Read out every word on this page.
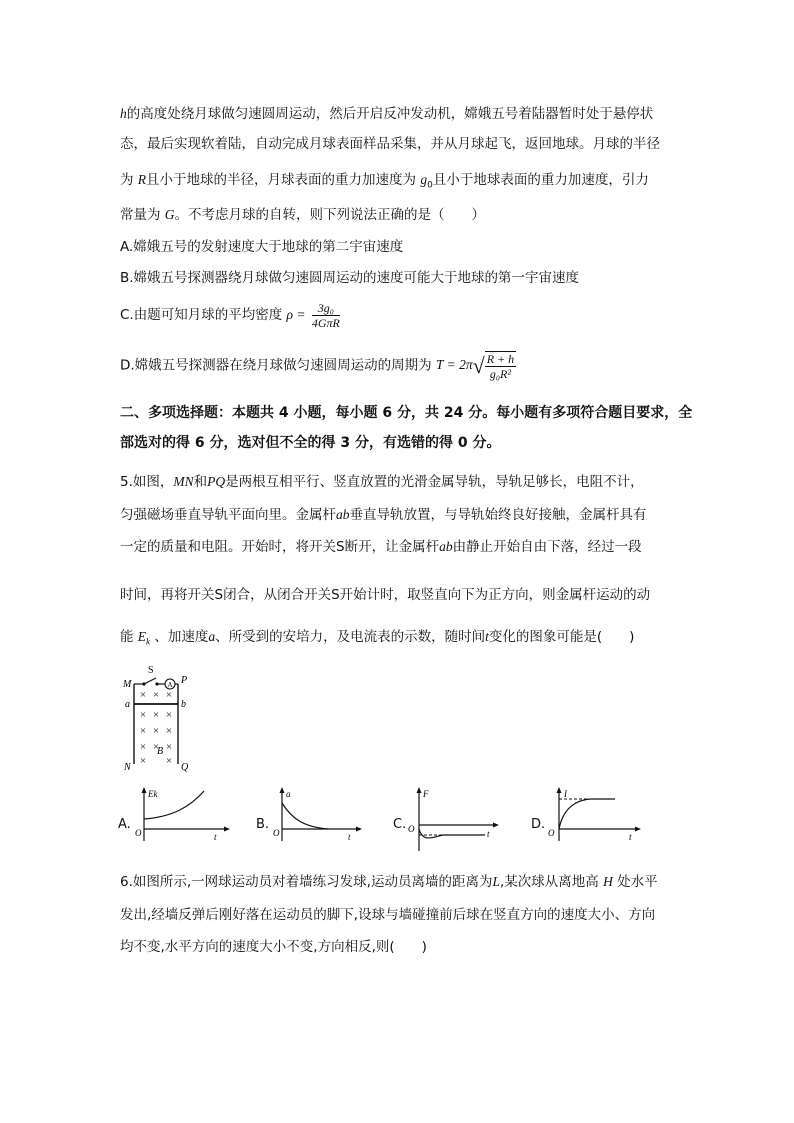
h的高度处绕月球做匀速圆周运动，然后开启反冲发动机，嫦娥五号着陆器暂时处于悬停状
态，最后实现软着陆，自动完成月球表面样品采集，并从月球起飞，返回地球。月球的半径
为 R且小于地球的半径，月球表面的重力加速度为 $g_0$且小于地球表面的重力加速度，引力
常量为 G。不考虑月球的自转，则下列说法正确的是（　　）
A.嫦娥五号的发射速度大于地球的第二宇宙速度
B.嫦娥五号探测器绕月球做匀速圆周运动的速度可能大于地球的第一宇宙速度
C.由题可知月球的平均密度 $\rho = \frac{\text{3g₀}}{\text{4GπR}}$
D.嫦娥五号探测器在绕月球做匀速圆周运动的周期为 $T = 2\pi√ \frac{R + h}{\text{g₀R²}}$
二、多项选择题：本题共 4 小题，每小题 6 分，共 24 分。每小题有多项符合题目要求，全
部选对的得 6 分，选对但不全的得 3 分，有选错的得 0 分。
5.如图，MN和PQ是两根互相平行、竖直放置的光滑金属导轨，导轨足够长，电阻不计，
匀强磁场垂直导轨平面向里。金属杆ab垂直导轨放置，与导轨始终良好接触，金属杆具有
一定的质量和电阻。开始时，将开关S断开，让金属杆ab由静止开始自由下落，经过一段
时间，再将开关S闭合，从闭合开关S开始计时，取竖直向下为正方向，则金属杆运动的动
能 $E_k$ 、加速度a、所受到的安培力，及电流表的示数，随时间t变化的图象可能是(　　)
A
× × ×
× × ×
× × ×
× × ×
× ×
S
M	P
a	b
B
N	Q
A.
Ek
O	t
B.
a
O	t
C.
F
O	t
D.
I
O	t
6.如图所示,一网球运动员对着墙练习发球,运动员离墙的距离为L,某次球从离地高 H 处水平
发出,经墙反弹后刚好落在运动员的脚下,设球与墙碰撞前后球在竖直方向的速度大小、方向
均不变,水平方向的速度大小不变,方向相反,则(　　)
